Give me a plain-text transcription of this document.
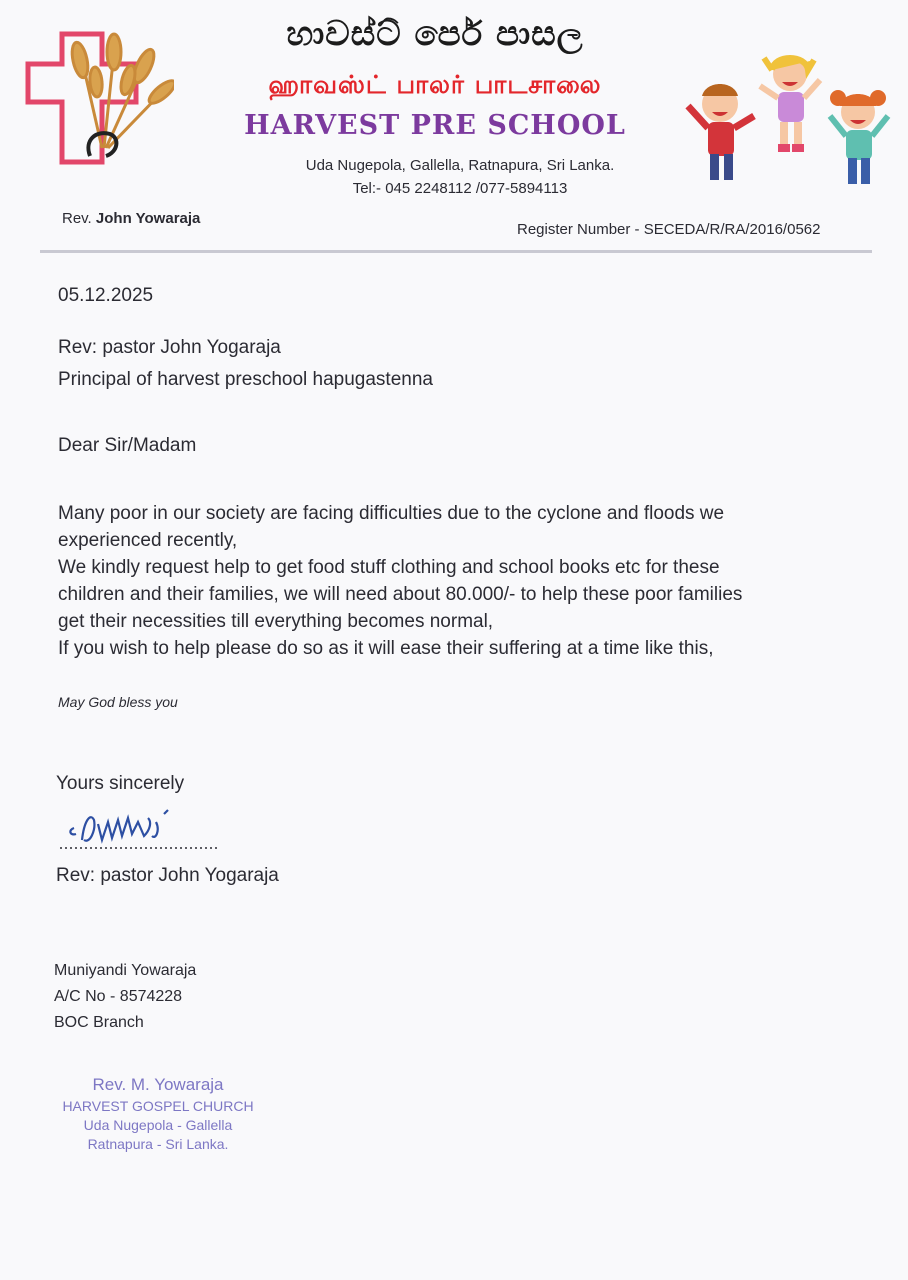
හාවස්ට් පෙර් පාසල
ஹாவஸ்ட் பாலர் பாடசாலை
HARVEST PRE SCHOOL
Uda Nugepola, Gallella, Ratnapura, Sri Lanka.
Tel:- 045 2248112 /077-5894113
Rev. John Yowaraja
Register Number - SECEDA/R/RA/2016/0562
05.12.2025
Rev: pastor John Yogaraja
Principal of harvest preschool hapugastenna
Dear Sir/Madam

Many poor in our society are facing difficulties due to the cyclone and floods we

experienced recently,

We kindly request help to get food stuff clothing and school books etc for these

children and their families, we will need about 80.000/- to help these poor families

get their necessities till everything becomes normal,

If you wish to help please do so as it will ease their suffering at a time like this,

May God bless you
Yours sincerely
Rev: pastor John Yogaraja
Muniyandi Yowaraja
A/C No - 8574228
BOC Branch
Rev. M. Yowaraja
HARVEST GOSPEL CHURCH
Uda Nugepola - Gallella
Ratnapura - Sri Lanka.
